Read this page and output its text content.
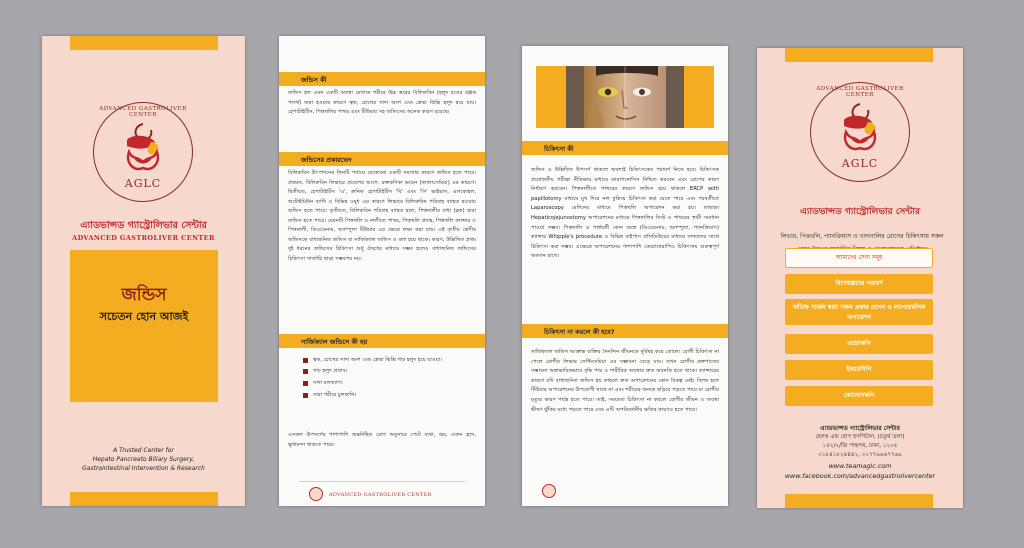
ADVANCED GASTROLIVER CENTER
AGLC
এ্যাডভান্সড গ্যাস্ট্রোলিভার সেন্টার
ADVANCED GASTROLIVER CENTER
জন্ডিস
সচেতন হোন আজই
A Trusted Center for
Hepato Pancreato Biliary Surgery,
Gastrointestinal Intervention & Research
জন্ডিস কী
জন্ডিস হল এমন একটি অবস্থা যেখানে শরীরে উচ্চ স্তরের বিলিরুবিন (হলুদ রঙের রঞ্জক পদার্থ) জমা হওয়ার কারণে ত্বক, চোখের সাদা অংশ এবং শ্লেষ্মা ঝিল্লি হলুদ হয়ে যায়। হেপাটাইটিস, পিত্তথলির পাথর এবং টিউমার সহ জন্ডিসের অনেক কারণ রয়েছে।
জন্ডিসের প্রকারভেদ
বিলিরুবিন উৎপাদনের তিনটি পর্যায়ে যেকোনো একটি সমস্যার কারণে জন্ডিস হতে পারে। প্রথমত, বিলিরুবিন লিভারে প্রবেশের আগে, রক্তকণিকা ভাঙন (থ্যালাসেমিয়া) এর কারণে। দ্বিতীয়ত, হেপাটাইটিস 'এ', ক্রনিক হেপাটাইটিস 'বি' এবং 'সি' ভাইরাস, এলকোহল, অটোইমিউন ব্যাধি ও বিভিন্ন ওষুধ এর কারণে লিভারে বিলিরুবিন পরিবাহ ব্যাহত হওয়ায় জন্ডিস হতে পারে। তৃতীয়ত, বিলিরুবিন পরিবাহ ব্যাহত হলে, পিত্তনালীর বাধা (ব্লক) দ্বারা জন্ডিস হতে পারে। যেমনটি পিত্তথলি ও নালীতে পাথর, পিত্তথলি প্রদাহ, পিত্তথলি ক্যান্সার ও পিত্তনালী, ডিওডেনাম, অ্যাম্পুলা টিউমার এর ক্ষেত্রে লক্ষ্য করা যায়। এই তৃতীয় শ্রেণীর জন্ডিসকে বাধাজনিত জন্ডিস বা সার্জিক্যাল জন্ডিস ও বলা হয়ে থাকে। কারণ, উল্লিখিত প্রথম দুই ধরনের জন্ডিসের চিকিৎসা শুধু ঔষধের মাধ্যমে সম্ভব হলেও বাধাজনিত জন্ডিসের চিকিৎসা সার্জারি ছাড়া সম্ভবপর নয়।
সার্জিক্যাল জন্ডিসে কী হয়
ত্বক, চোখের সাদা অংশ এবং শ্লেষ্মা ঝিল্লি গাঢ় হলুদ হয়ে যাওয়া।
গাঢ় হলুদ প্রস্রাব।
সাদা মলত্যাগ।
সারা শরীরে চুলকানি।
এসকল উপসর্গের পাশাপাশি অন্তর্নিহিত রোগ অনুসারে পেটে ব্যথা, জ্বর, ওজন হ্রাস, ক্ষুধামন্দা থাকতে পারে।
ADVANCED GASTROLIVER CENTER
চিকিৎসা কী
জন্ডিস ও উল্লিখিত উপসর্গ থাকলে অবশ্যই চিকিৎসকের পরামর্শ নিতে হবে। চিকিৎসক প্রয়োজনীয় পরীক্ষা নীরিক্ষার মাধ্যমে ডায়াগনোসিস নিশ্চিত করবেন এবং রোগের কারণ নির্ধারণ করবেন। পিত্তনালীতে পাথরের কারণে জন্ডিস হয়ে থাকলে ERCP with papillotomy মাধ্যমে মুখ দিয়ে নল ঢুকিয়ে চিকিৎসা করা যেতে পারে এবং পরবর্তীতে Laparoscopy মেশিনের মাধ্যমে পিত্তথলি অপারেশন করা হয়। তাছাড়া Hepaticojejunostomy অপারেশনের মাধ্যমে পিত্তনালির সিস্ট ও পাথরের স্থায়ী সমাধান পাওয়া সম্ভব। পিত্তনালি ও পার্শ্ববর্তী কোন অঙ্গে (ডিওডেনাম, অ্যাম্পুলা, প্যানক্রিয়াস) ক্যান্সার Whipple's procedure ও বিভিন্ন বাইপাস প্রসিডিউরের মাধ্যমে সাফল্যের সাথে চিকিৎসা করা সম্ভব। এক্ষেত্রে অপারেশনের পাশাপাশি কেমোথেরাপিও চিকিৎসায় গুরুত্বপূর্ণ অবদান রাখে।
চিকিৎসা না করলে কী হবে?
সার্জিক্যাল জন্ডিস আক্রান্ত ব্যক্তির দৈনন্দিন জীবনকে দুর্বিষহ করে তোলে। রোগী চিকিৎসা না পেলে রোগীর লিভার সেপ্টিসেমিয়া এর সম্ভাবনা বেড়ে যায়। তখন রোগীর রক্তপাতের সম্ভাবনা অস্বাভাবিকভাবে বৃদ্ধি পায় ও শারীরিক অবস্থার দ্রুত অবনতি হতে থাকে। ক্যান্সারের কারণে যদি বাধাজনিত জন্ডিস হয় তাহলে দ্রুত অপারেশনের কোন বিকল্প নেই। বিলম্ব হলে টিউমার অপারেশনের উপযোগী থাকে না এবং শরীরের অন্যত্র ছড়িয়ে পড়তে পারে যা রোগীর মৃত্যুর কারণ পর্যন্ত হতে পারে। তাই, সময়মত চিকিৎসা না করলে রোগীর জীবন ও অবস্থা ভীষণ ঝুঁকির মধ্যে পড়তে পারে এবং এটি অপরিবর্তনীয় ক্ষতির কারণও হতে পারে।
ADVANCED GASTROLIVER CENTER
AGLC
এ্যাডভান্সড গ্যাস্ট্রোলিভার সেন্টার
লিভার, পিত্তথলি, প্যানক্রিয়াস ও খাদ্যনালির রোগের চিকিৎসায় সকল
আমাদের সেবা সমূহ
বিশেষজ্ঞদের পরামর্শ
অতিক্ষ সার্জন দ্বারা সকল প্রকার ওপেন ও ল্যাপারস্কপিক অপারেশন
এন্ডোস্কপি
ইআরসিপি
কোলোনস্কপি
এ্যাডভান্সড গ্যাস্ট্রোলিভার সেন্টার
হেলথ এন্ড হোপ হসপিটাল, (চতুর্থ তলা)
১৫২/২/জি পান্থপথ, ঢাকা, ১২০৫
০১৮৪১৮২৪৪৪২, ০১৭৭৬৬৬৭৭৬৯
www.teamaglc.com
www.facebook.com/advancedgastrolivercenter
